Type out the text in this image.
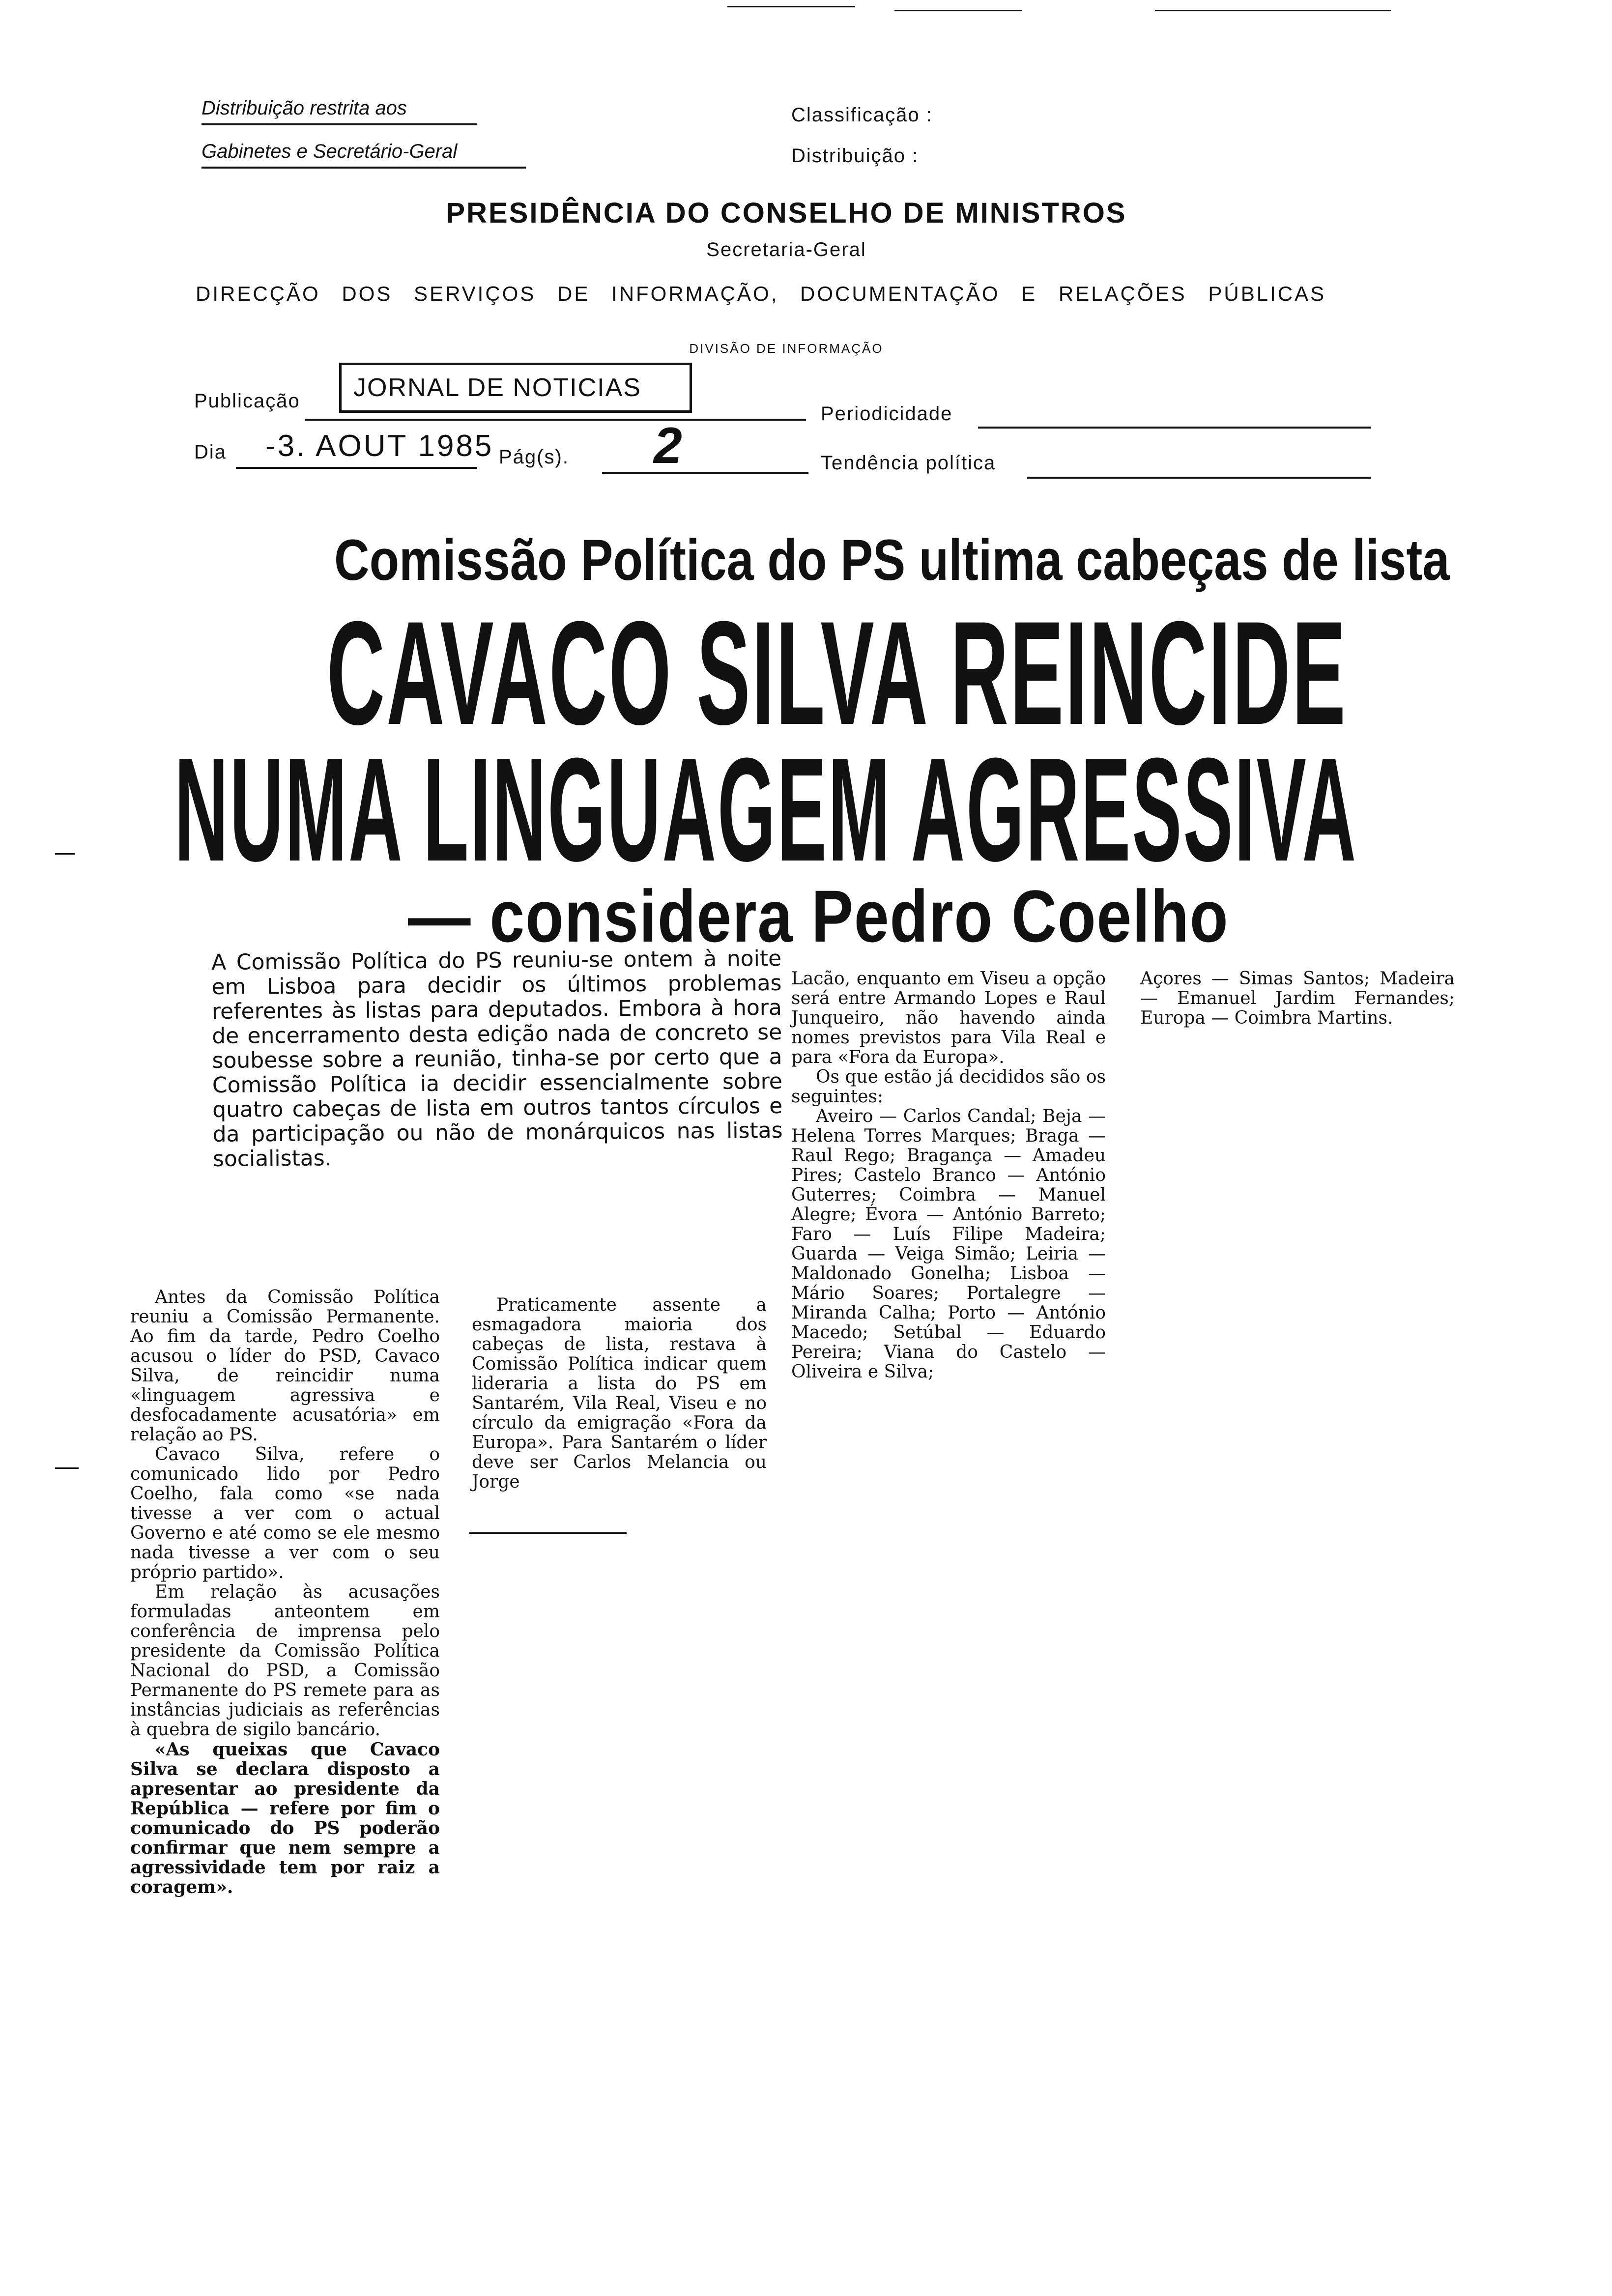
Distribuição restrita aos
Gabinetes e Secretário-Geral
Classificação :
Distribuição :
PRESIDÊNCIA DO CONSELHO DE MINISTROS
Secretaria-Geral
DIRECÇÃO DOS SERVIÇOS DE INFORMAÇÃO, DOCUMENTAÇÃO E RELAÇÕES PÚBLICAS
DIVISÃO DE INFORMAÇÃO
Publicação	JORNAL DE NOTICIAS
Periodicidade
Dia -3. AOUT 1985 Pág(s). 2	Tendência política
Comissão Política do PS ultima cabeças de lista
CAVACO SILVA REINCIDE
NUMA LINGUAGEM AGRESSIVA
— considera Pedro Coelho
A Comissão Política do PS reuniu-se ontem à noite em Lisboa para decidir os últimos problemas referentes às listas para deputados. Embora à hora de encerramento desta edição nada de concreto se soubesse sobre a reunião, tinha-se por certo que a Comissão Política ia decidir essencialmente sobre quatro cabeças de lista em outros tantos círculos e da participação ou não de monárquicos nas listas socialistas.

Antes da Comissão Política reuniu a Comissão Permanente. Ao fim da tarde, Pedro Coelho acusou o líder do PSD, Cavaco Silva, de reincidir numa «linguagem agressiva e desfocadamente acusatória» em relação ao PS.

Cavaco Silva, refere o comunicado lido por Pedro Coelho, fala como «se nada tivesse a ver com o actual Governo e até como se ele mesmo nada tivesse a ver com o seu próprio partido».

Em relação às acusações formuladas anteontem em conferência de imprensa pelo presidente da Comissão Política Nacional do PSD, a Comissão Permanente do PS remete para as instâncias judiciais as referências à quebra de sigilo bancário.

«As queixas que Cavaco Silva se declara disposto a apresentar ao presidente da República — refere por fim o comunicado do PS poderão confirmar que nem sempre a agressividade tem por raiz a coragem».

Praticamente assente a esmagadora maioria dos cabeças de lista, restava à Comissão Política indicar quem lideraria a lista do PS em Santarém, Vila Real, Viseu e no círculo da emigração «Fora da Europa». Para Santarém o líder deve ser Carlos Melancia ou Jorge

Lacão, enquanto em Viseu a opção será entre Armando Lopes e Raul Junqueiro, não havendo ainda nomes previstos para Vila Real e para «Fora da Europa».

Os que estão já decididos são os seguintes:

Aveiro — Carlos Candal; Beja — Helena Torres Marques; Braga — Raul Rego; Bragança — Amadeu Pires; Castelo Branco — António Guterres; Coimbra — Manuel Alegre; Évora — António Barreto; Faro — Luís Filipe Madeira; Guarda — Veiga Simão; Leiria — Maldonado Gonelha; Lisboa — Mário Soares; Portalegre — Miranda Calha; Porto — António Macedo; Setúbal — Eduardo Pereira; Viana do Castelo — Oliveira e Silva;

Açores — Simas Santos; Madeira — Emanuel Jardim Fernandes; Europa — Coimbra Martins.
